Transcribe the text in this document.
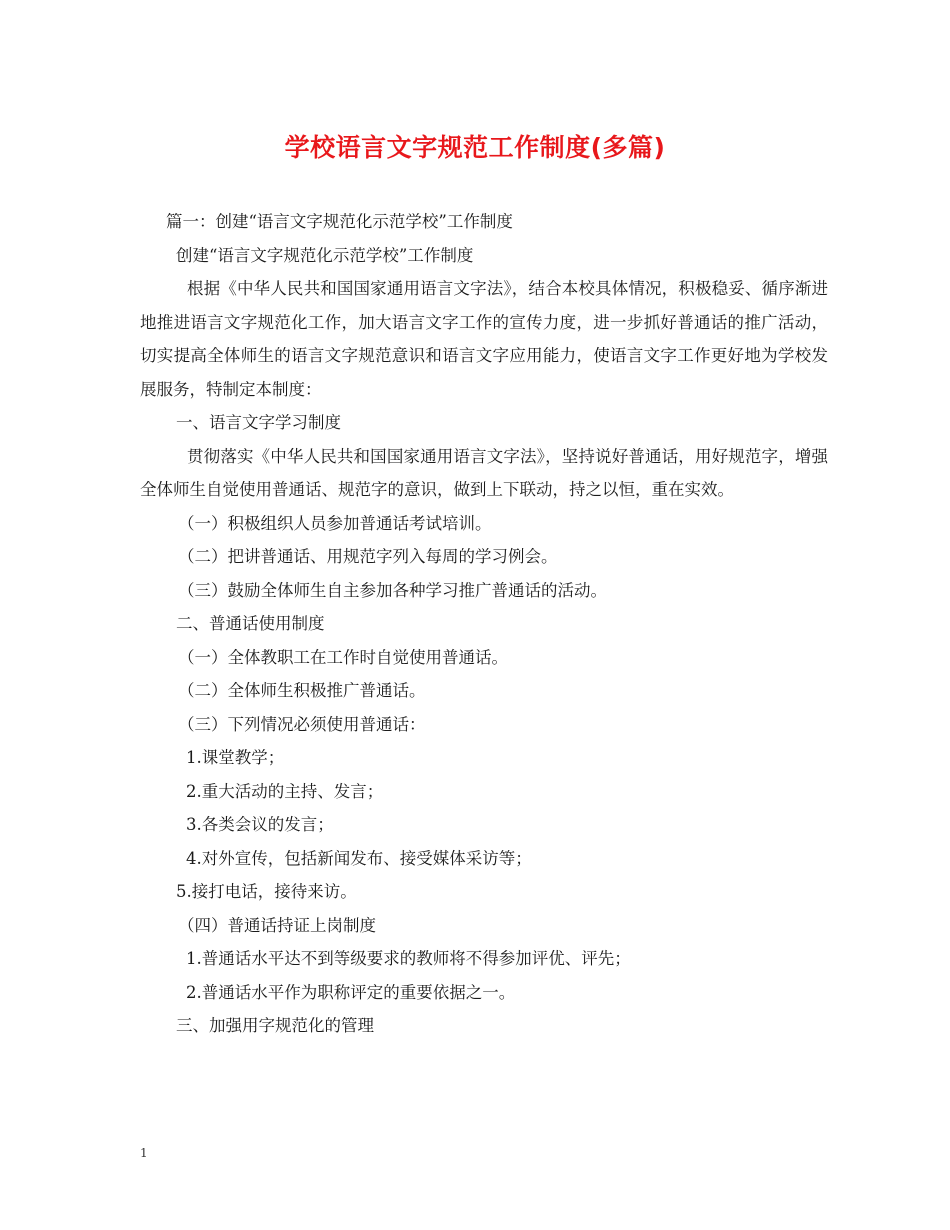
学校语言文字规范工作制度(多篇)
篇一：创建“语言文字规范化示范学校”工作制度
创建“语言文字规范化示范学校”工作制度
根据《中华人民共和国国家通用语言文字法》，结合本校具体情况，积极稳妥、循序渐进地推进语言文字规范化工作，加大语言文字工作的宣传力度，进一步抓好普通话的推广活动，切实提高全体师生的语言文字规范意识和语言文字应用能力，使语言文字工作更好地为学校发展服务，特制定本制度：
一、语言文字学习制度
贯彻落实《中华人民共和国国家通用语言文字法》，坚持说好普通话，用好规范字，增强全体师生自觉使用普通话、规范字的意识，做到上下联动，持之以恒，重在实效。
（一）积极组织人员参加普通话考试培训。
（二）把讲普通话、用规范字列入每周的学习例会。
（三）鼓励全体师生自主参加各种学习推广普通话的活动。
二、普通话使用制度
（一）全体教职工在工作时自觉使用普通话。
（二）全体师生积极推广普通话。
（三）下列情况必须使用普通话：
1.课堂教学；
2.重大活动的主持、发言；
3.各类会议的发言；
4.对外宣传，包括新闻发布、接受媒体采访等；
5.接打电话，接待来访。
（四）普通话持证上岗制度
1.普通话水平达不到等级要求的教师将不得参加评优、评先；
2.普通话水平作为职称评定的重要依据之一。
三、加强用字规范化的管理
1
